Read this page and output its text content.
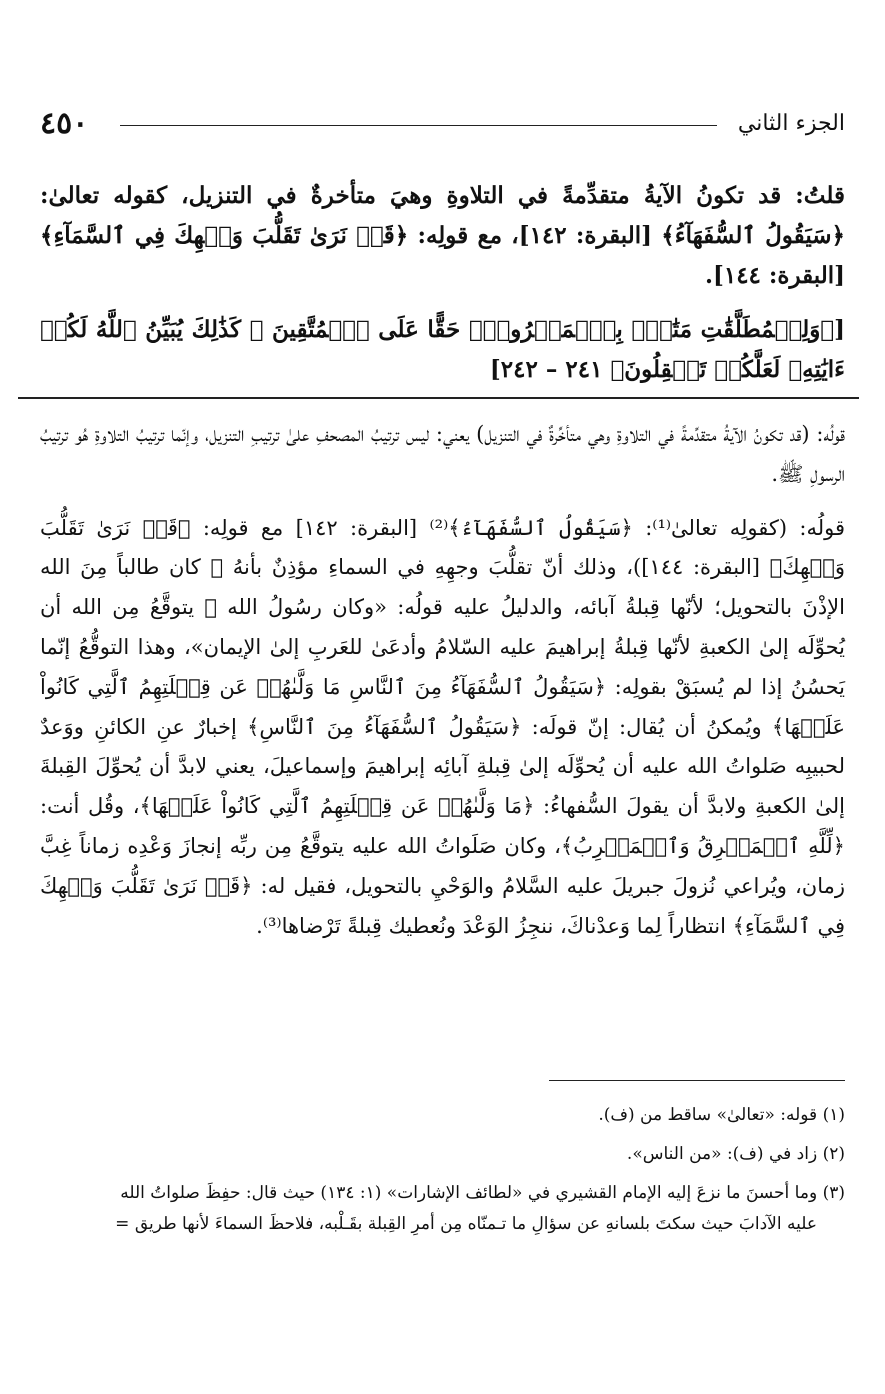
٤٥٠	الجزء الثاني

قلتُ: قد تكونُ الآيةُ متقدِّمةً في التلاوةِ وهيَ متأخرةٌ في التنزيل، كقوله تعالىٰ: ﴿سَيَقُولُ ٱلسُّفَهَآءُ﴾ [البقرة: ١٤٢]، مع قولِه: ﴿قَدۡ نَرَىٰ تَقَلُّبَ وَجۡهِكَ فِي ٱلسَّمَآءِ﴾ [البقرة: ١٤٤].

[﴿وَلِلۡمُطَلَّقَٰتِ مَتَٰعُۢ بِٱلۡمَعۡرُوفِۖ حَقًّا عَلَى ٱلۡمُتَّقِينَ ۞ كَذَٰلِكَ يُبَيِّنُ ٱللَّهُ لَكُمۡ ءَايَٰتِهِۦ لَعَلَّكُمۡ تَعۡقِلُونَ﴾ ٢٤١ – ٢٤٢]

قولُه: (قد تكونُ الآيةُ متقدِّمةً في التلاوةِ وهي متأخِّرةٌ في التنزيل) يعني: ليس ترتيبُ المصحفِ علىٰ ترتيبِ التنزيل، وإنّما ترتيبُ التلاوةِ هُو ترتيبُ الرسولِ ﷺ.

قولُه: (كقولِه تعالىٰ⁽¹⁾: ﴿سَيَقُولُ ٱلسُّفَهَآءُ﴾⁽²⁾ [البقرة: ١٤٢] مع قولِه: ﴿قَدۡ نَرَىٰ تَقَلُّبَ وَجۡهِكَ﴾ [البقرة: ١٤٤])، وذلك أنّ تقلُّبَ وجهِهِ في السماءِ مؤذِنٌ بأنهُ ﷺ كان طالباً مِنَ الله الإذْنَ بالتحويل؛ لأنّها قِبلةُ آبائه، والدليلُ عليه قولُه: «وكان رسُولُ الله ﷺ يتوقَّعُ مِن الله أن يُحوِّلَه إلىٰ الكعبةِ لأنّها قِبلةُ إبراهيمَ عليه السّلامُ وأدعَىٰ للعَربِ إلىٰ الإيمان»، وهذا التوقُّعُ إنّما يَحسُنُ إذا لم يُسبَقْ بقولِه: ﴿سَيَقُولُ ٱلسُّفَهَآءُ مِنَ ٱلنَّاسِ مَا وَلَّىٰهُمۡ عَن قِبۡلَتِهِمُ ٱلَّتِي كَانُواْ عَلَيۡهَا﴾ ويُمكنُ أن يُقال: إنّ قولَه: ﴿سَيَقُولُ ٱلسُّفَهَآءُ مِنَ ٱلنَّاسِ﴾ إخبارٌ عنِ الكائنِ ووَعدٌ لحبيبِه صَلواتُ الله عليه أن يُحوِّلَه إلىٰ قِبلةِ آبائِه إبراهيمَ وإسماعيلَ، يعني لابدَّ أن يُحوِّلَ القِبلةَ إلىٰ الكعبةِ ولابدَّ أن يقولَ السُّفهاءُ: ﴿مَا وَلَّىٰهُمۡ عَن قِبۡلَتِهِمُ ٱلَّتِي كَانُواْ عَلَيۡهَا﴾، وقُل أنت: ﴿لِّلَّهِ ٱلۡمَشۡرِقُ وَٱلۡمَغۡرِبُ﴾، وكان صَلَواتُ الله عليه يتوقَّعُ مِن ربِّه إنجازَ وَعْدِه زماناً غِبَّ زمان، ويُراعي نُزولَ جبريلَ عليه السَّلامُ والوَحْيِ بالتحويل، فقيل له: ﴿قَدۡ نَرَىٰ تَقَلُّبَ وَجۡهِكَ فِي ٱلسَّمَآءِ﴾ انتظاراً لِما وَعدْناكَ، ننجِزُ الوَعْدَ ونُعطيك قِبلةً تَرْضاها⁽³⁾.

(١) قوله: «تعالىٰ» ساقط من (ف).

(٢) زاد في (ف): «من الناس».

(٣) وما أحسنَ ما نزعَ إليه الإمام القشيري في «لطائف الإشارات» (١: ١٣٤) حيث قال: حفِظَ صلواتُ الله
عليه الآدابَ حيث سكتَ بلسانهِ عن سؤالِ ما تـمنّاه مِن أمرِ القِبلة بقَـلْبه، فلاحظَ السماءَ لأنها طريق =
